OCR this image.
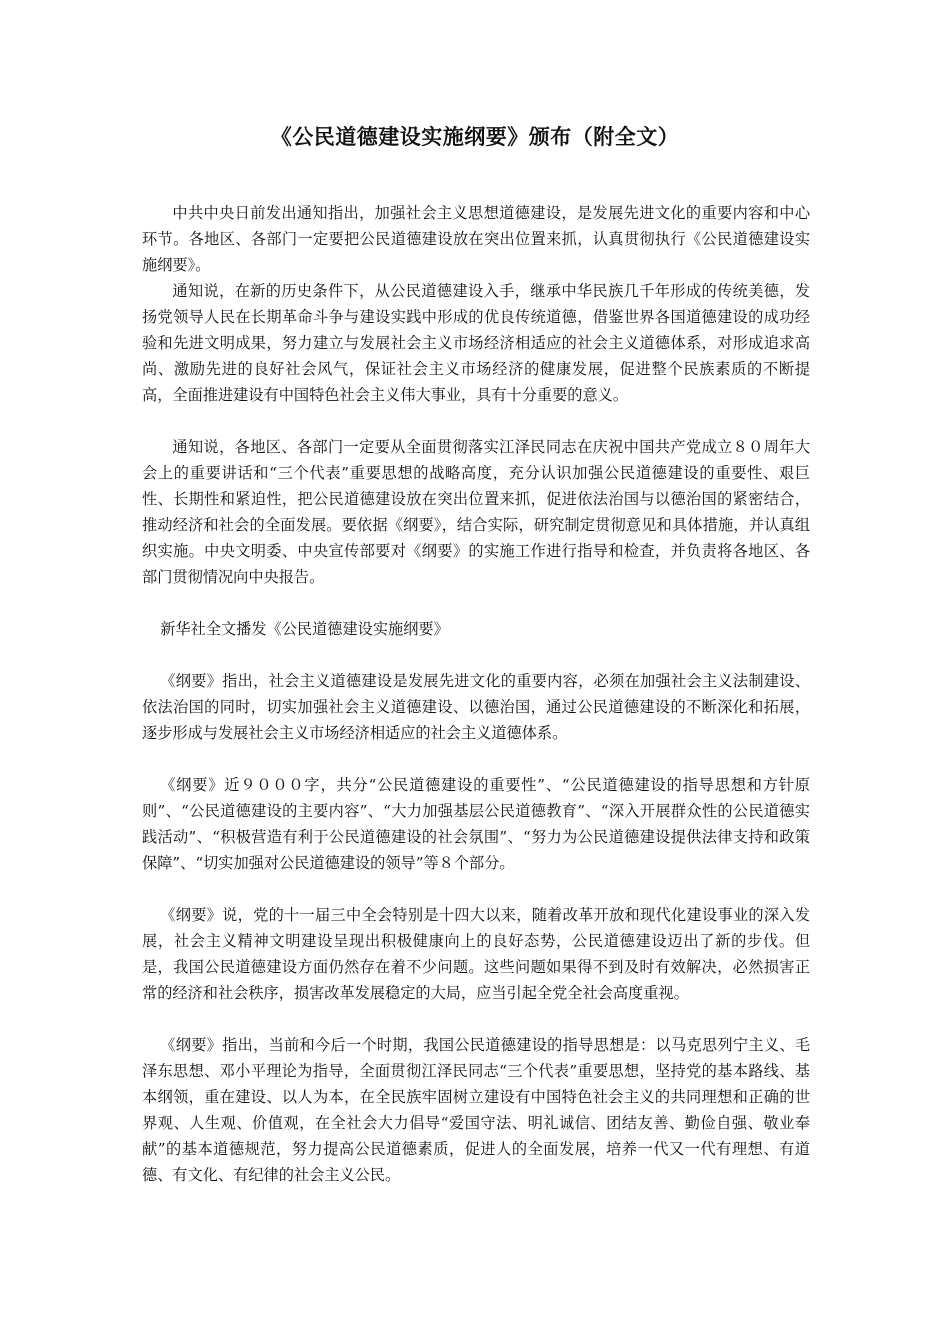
《公民道德建设实施纲要》颁布（附全文）

中共中央日前发出通知指出，加强社会主义思想道德建设，是发展先进文化的重要内容和中心环节。各地区、各部门一定要把公民道德建设放在突出位置来抓，认真贯彻执行《公民道德建设实施纲要》。

通知说，在新的历史条件下，从公民道德建设入手，继承中华民族几千年形成的传统美德，发扬党领导人民在长期革命斗争与建设实践中形成的优良传统道德，借鉴世界各国道德建设的成功经验和先进文明成果，努力建立与发展社会主义市场经济相适应的社会主义道德体系，对形成追求高尚、激励先进的良好社会风气，保证社会主义市场经济的健康发展，促进整个民族素质的不断提高，全面推进建设有中国特色社会主义伟大事业，具有十分重要的意义。

通知说，各地区、各部门一定要从全面贯彻落实江泽民同志在庆祝中国共产党成立８０周年大会上的重要讲话和“三个代表”重要思想的战略高度，充分认识加强公民道德建设的重要性、艰巨性、长期性和紧迫性，把公民道德建设放在突出位置来抓，促进依法治国与以德治国的紧密结合，推动经济和社会的全面发展。要依据《纲要》，结合实际，研究制定贯彻意见和具体措施，并认真组织实施。中央文明委、中央宣传部要对《纲要》的实施工作进行指导和检查，并负责将各地区、各部门贯彻情况向中央报告。

新华社全文播发《公民道德建设实施纲要》

《纲要》指出，社会主义道德建设是发展先进文化的重要内容，必须在加强社会主义法制建设、依法治国的同时，切实加强社会主义道德建设、以德治国，通过公民道德建设的不断深化和拓展，逐步形成与发展社会主义市场经济相适应的社会主义道德体系。

《纲要》近９０００字，共分“公民道德建设的重要性”、“公民道德建设的指导思想和方针原则”、“公民道德建设的主要内容”、“大力加强基层公民道德教育”、“深入开展群众性的公民道德实践活动”、“积极营造有利于公民道德建设的社会氛围”、“努力为公民道德建设提供法律支持和政策保障”、“切实加强对公民道德建设的领导”等８个部分。

《纲要》说，党的十一届三中全会特别是十四大以来，随着改革开放和现代化建设事业的深入发展，社会主义精神文明建设呈现出积极健康向上的良好态势，公民道德建设迈出了新的步伐。但是，我国公民道德建设方面仍然存在着不少问题。这些问题如果得不到及时有效解决，必然损害正常的经济和社会秩序，损害改革发展稳定的大局，应当引起全党全社会高度重视。

《纲要》指出，当前和今后一个时期，我国公民道德建设的指导思想是：以马克思列宁主义、毛泽东思想、邓小平理论为指导，全面贯彻江泽民同志“三个代表”重要思想，坚持党的基本路线、基本纲领，重在建设、以人为本，在全民族牢固树立建设有中国特色社会主义的共同理想和正确的世界观、人生观、价值观，在全社会大力倡导“爱国守法、明礼诚信、团结友善、勤俭自强、敬业奉献”的基本道德规范，努力提高公民道德素质，促进人的全面发展，培养一代又一代有理想、有道德、有文化、有纪律的社会主义公民。
